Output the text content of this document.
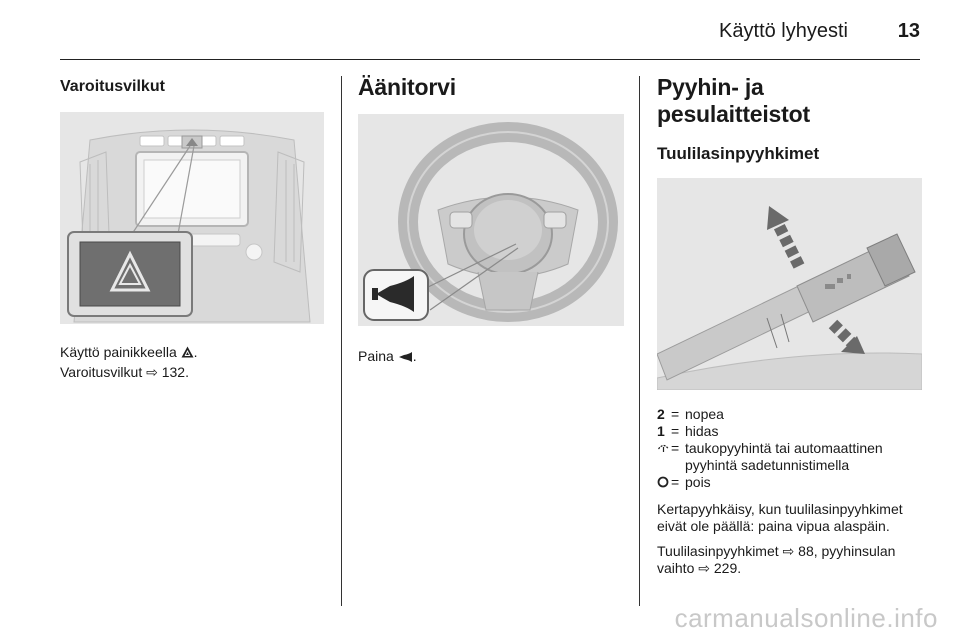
Käyttö lyhyesti 13
Varoitusvilkut
Käyttö painikkeella .
Varoitusvilkut ⇨ 132.
Äänitorvi
Paina .
Pyyhin- ja pesulaitteistot
Tuulilasinpyyhkimet
2 = nopea
1 = hidas
= taukopyyhintä tai automaattinen pyyhintä sadetunnistimella
= pois
Kertapyyhkäisy, kun tuulilasinpyyhkimet eivät ole päällä: paina vipua alaspäin.
Tuulilasinpyyhkimet ⇨ 88, pyyhinsulan vaihto ⇨ 229.
carmanualsonline.info
